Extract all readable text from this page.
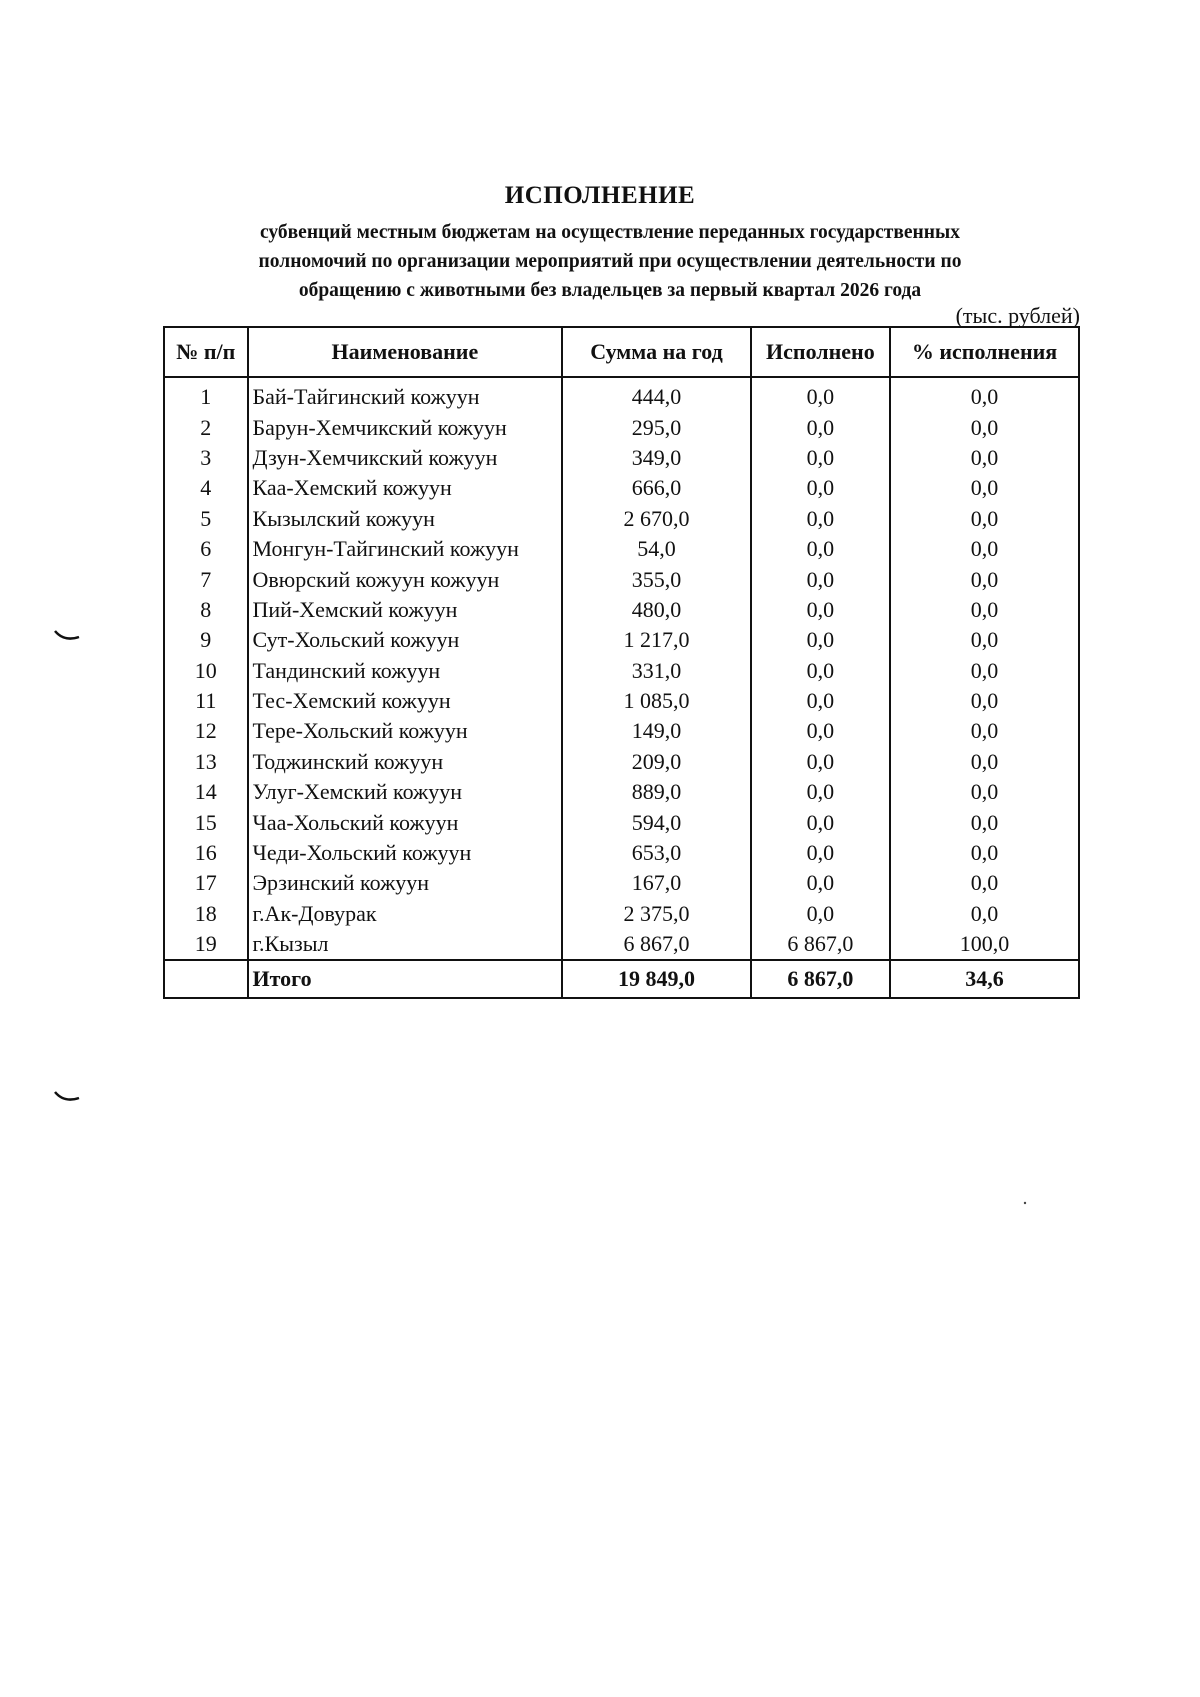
ИСПОЛНЕНИЕ
субвенций местным бюджетам на осуществление переданных государственных
полномочий по организации мероприятий при осуществлении деятельности по
обращению с животными без владельцев за первый квартал 2026 года
(тыс. рублей)
№ п/п	Наименование	Сумма на год	Исполнено	% исполнения
1	Бай-Тайгинский кожуун	444,0	0,0	0,0
2	Барун-Хемчикский кожуун	295,0	0,0	0,0
3	Дзун-Хемчикский кожуун	349,0	0,0	0,0
4	Каа-Хемский кожуун	666,0	0,0	0,0
5	Кызылский кожуун	2 670,0	0,0	0,0
6	Монгун-Тайгинский кожуун	54,0	0,0	0,0
7	Овюрский кожуун кожуун	355,0	0,0	0,0
8	Пий-Хемский кожуун	480,0	0,0	0,0
9	Сут-Хольский кожуун	1 217,0	0,0	0,0
10	Тандинский кожуун	331,0	0,0	0,0
11	Тес-Хемский кожуун	1 085,0	0,0	0,0
12	Тере-Хольский кожуун	149,0	0,0	0,0
13	Тоджинский кожуун	209,0	0,0	0,0
14	Улуг-Хемский кожуун	889,0	0,0	0,0
15	Чаа-Хольский кожуун	594,0	0,0	0,0
16	Чеди-Хольский кожуун	653,0	0,0	0,0
17	Эрзинский кожуун	167,0	0,0	0,0
18	г.Ак-Довурак	2 375,0	0,0	0,0
19	г.Кызыл	6 867,0	6 867,0	100,0
	Итого	19 849,0	6 867,0	34,6
